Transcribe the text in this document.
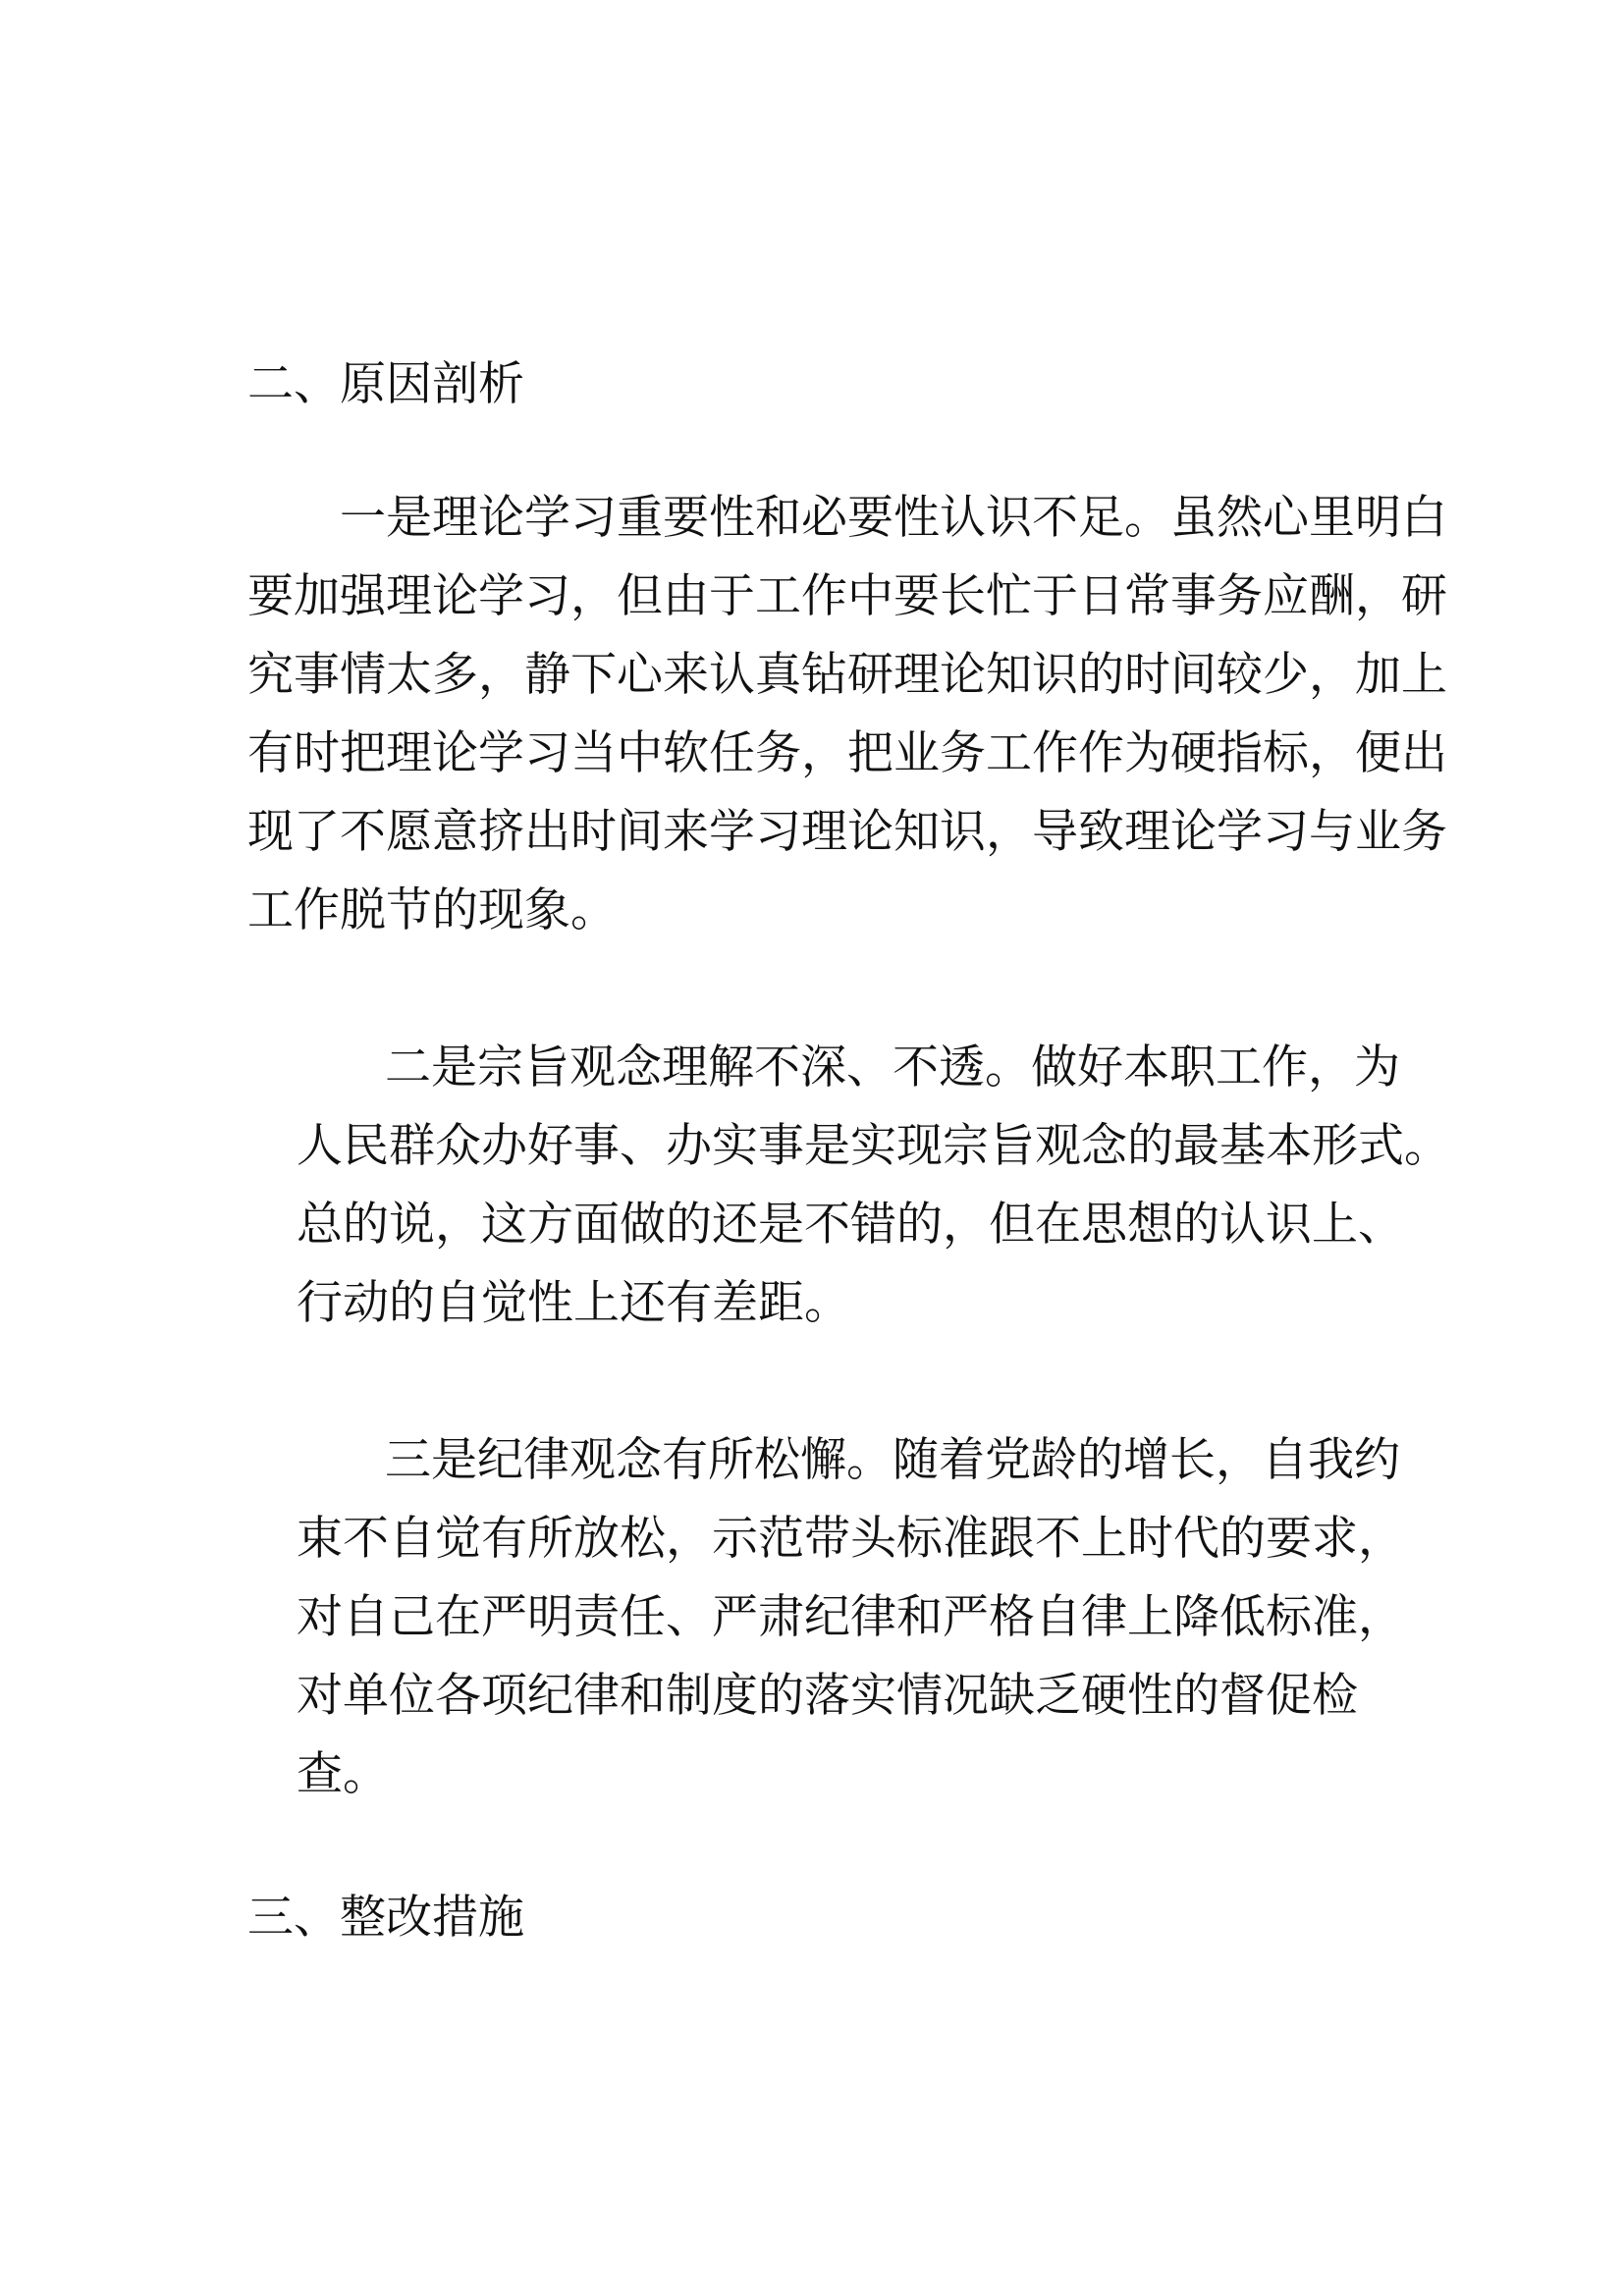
二、原因剖析
一是理论学习重要性和必要性认识不足。虽然心里明白
要加强理论学习，但由于工作中要长忙于日常事务应酬，研
究事情太多，静下心来认真钻研理论知识的时间较少，加上
有时把理论学习当中软任务，把业务工作作为硬指标，便出
现了不愿意挤出时间来学习理论知识，导致理论学习与业务
工作脱节的现象。
二是宗旨观念理解不深、不透。做好本职工作，为
人民群众办好事、办实事是实现宗旨观念的最基本形式。
总的说，这方面做的还是不错的，但在思想的认识上、
行动的自觉性上还有差距。
三是纪律观念有所松懈。随着党龄的增长，自我约
束不自觉有所放松，示范带头标准跟不上时代的要求，
对自己在严明责任、严肃纪律和严格自律上降低标准，
对单位各项纪律和制度的落实情况缺乏硬性的督促检
查。
三、整改措施
